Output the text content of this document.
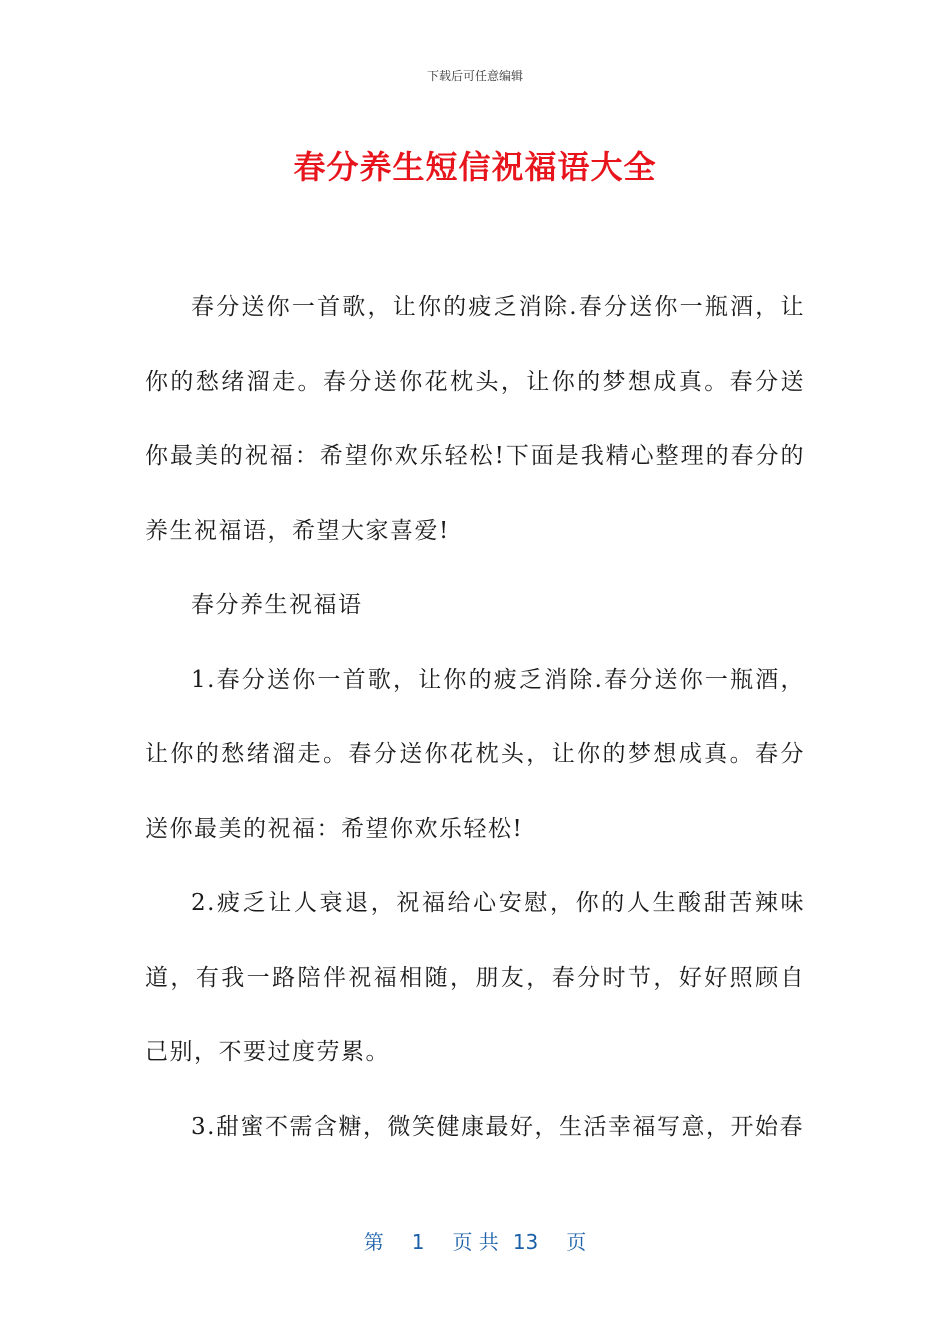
下载后可任意编辑
春分养生短信祝福语大全

春分送你一首歌，让你的疲乏消除.春分送你一瓶酒，让你的愁绪溜走。春分送你花枕头，让你的梦想成真。春分送你最美的祝福：希望你欢乐轻松!下面是我精心整理的春分的养生祝福语，希望大家喜爱!

春分养生祝福语

1.春分送你一首歌，让你的疲乏消除.春分送你一瓶酒，让你的愁绪溜走。春分送你花枕头，让你的梦想成真。春分送你最美的祝福：希望你欢乐轻松!

2.疲乏让人衰退，祝福给心安慰，你的人生酸甜苦辣味道，有我一路陪伴祝福相随，朋友，春分时节，好好照顾自己别，不要过度劳累。

3.甜蜜不需含糖，微笑健康最好，生活幸福写意，开始春

第 1 页 共 13 页
